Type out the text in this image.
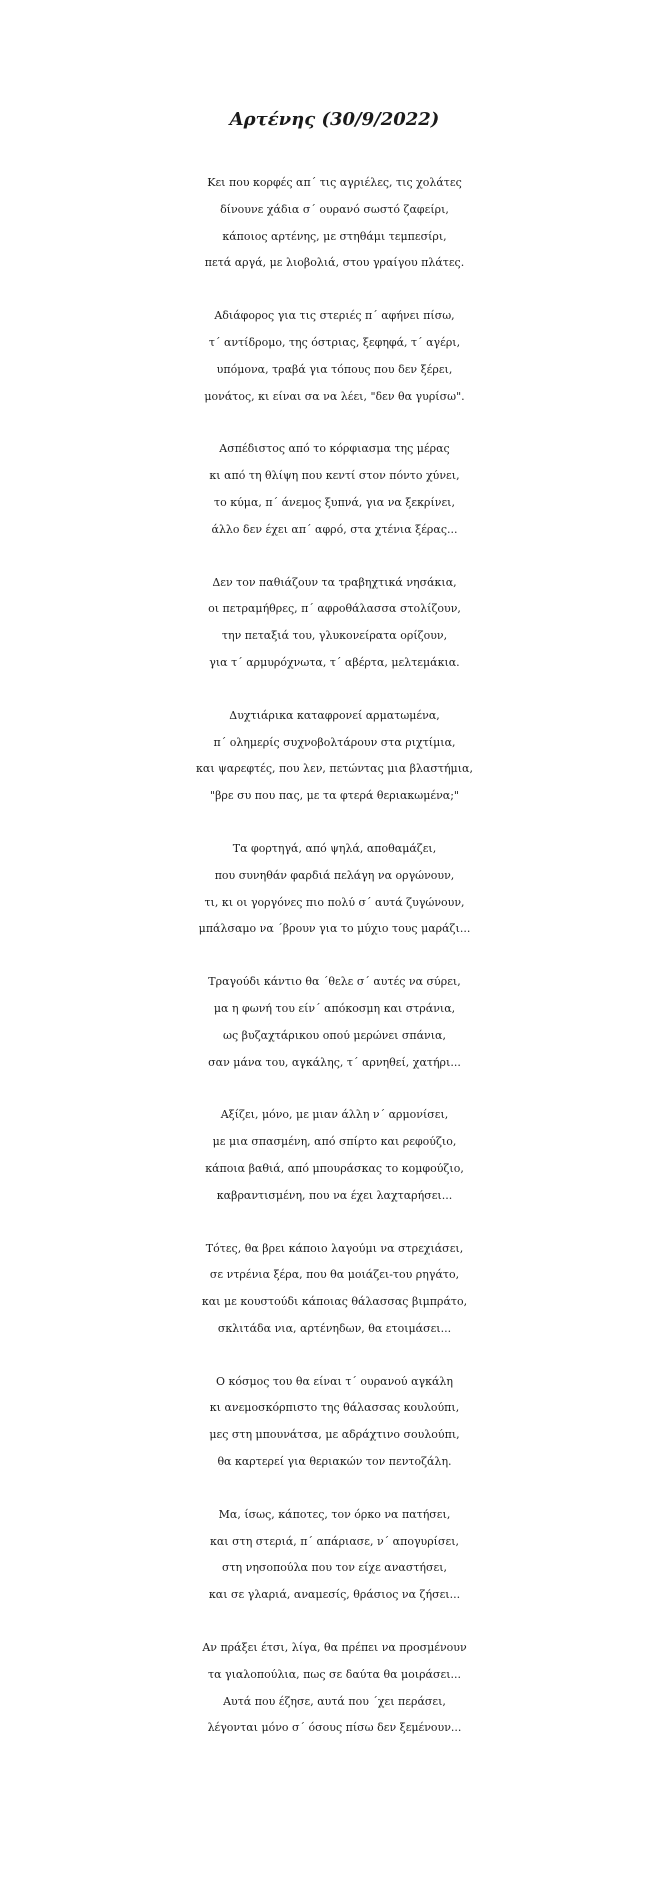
Αρτένης (30/9/2022)
Κει που κορφές απ΄ τις αγριέλες, τις χολάτες
δίνουνε χάδια σ΄ ουρανό σωστό ζαφείρι,
κάποιος αρτένης, με στηθάμι τεμπεσίρι,
πετά αργά, με λιοβολιά, στου γραίγου πλάτες.
Αδιάφορος για τις στεριές π΄ αφήνει πίσω,
τ΄ αντίδρομο, της όστριας, ξεφηφά, τ΄ αγέρι,
υπόμονα, τραβά για τόπους που δεν ξέρει,
μονάτος, κι είναι σα να λέει, "δεν θα γυρίσω".
Ασπέδιστος από το κόρφιασμα της μέρας
κι από τη θλίψη που κεντί στον πόντο χύνει,
το κύμα, π΄ άνεμος ξυπνά, για να ξεκρίνει,
άλλο δεν έχει απ΄ αφρό, στα χτένια ξέρας...
Δεν τον παθιάζουν τα τραβηχτικά νησάκια,
οι πετραμήθρες, π΄ αφροθάλασσα στολίζουν,
την πεταξιά του, γλυκονείρατα ορίζουν,
για τ΄ αρμυρόχνωτα, τ΄ αβέρτα, μελτεμάκια.
Δυχτιάρικα καταφρονεί αρματωμένα,
π΄ ολημερίς συχνοβολτάρουν στα ριχτίμια,
και ψαρεφτές, που λεν, πετώντας μια βλαστήμια,
"βρε συ που πας, με τα φτερά θεριακωμένα;"
Τα φορτηγά, από ψηλά, αποθαμάζει,
που συνηθάν φαρδιά πελάγη να οργώνουν,
τι, κι οι γοργόνες πιο πολύ σ΄ αυτά ζυγώνουν,
μπάλσαμο να ΄βρουν για το μύχιο τους μαράζι...
Τραγούδι κάντιο θα ΄θελε σ΄ αυτές να σύρει,
μα η φωνή του είν΄ απόκοσμη και στράνια,
ως βυζαχτάρικου οπού μερώνει σπάνια,
σαν μάνα του, αγκάλης, τ΄ αρνηθεί, χατήρι...
Αξίζει, μόνο, με μιαν άλλη ν΄ αρμονίσει,
με μια σπασμένη, από σπίρτο και ρεφούζιο,
κάποια βαθιά, από μπουράσκας το κομφούζιο,
καβραντισμένη, που να έχει λαχταρήσει...
Τότες, θα βρει κάποιο λαγούμι να στρεχιάσει,
σε ντρένια ξέρα, που θα μοιάζει-του ρηγάτο,
και με κουστούδι κάποιας θάλασσας βιμπράτο,
σκλιτάδα νια, αρτένηδων, θα ετοιμάσει...
Ο κόσμος του θα είναι τ΄ ουρανού αγκάλη
κι ανεμοσκόρπιστο της θάλασσας κουλούπι,
μες στη μπουνάτσα, με αδράχτινο σουλούπι,
θα καρτερεί για θεριακών τον πεντοζάλη.
Μα, ίσως, κάποτες, τον όρκο να πατήσει,
και στη στεριά, π΄ απάριασε, ν΄ απογυρίσει,
στη νησοπούλα που τον είχε αναστήσει,
και σε γλαριά, αναμεσίς, θράσιος να ζήσει...
Αν πράξει έτσι, λίγα, θα πρέπει να προσμένουν
τα γιαλοπούλια, πως σε δαύτα θα μοιράσει...
Αυτά που έζησε, αυτά που ΄χει περάσει,
λέγονται μόνο σ΄ όσους πίσω δεν ξεμένουν...
